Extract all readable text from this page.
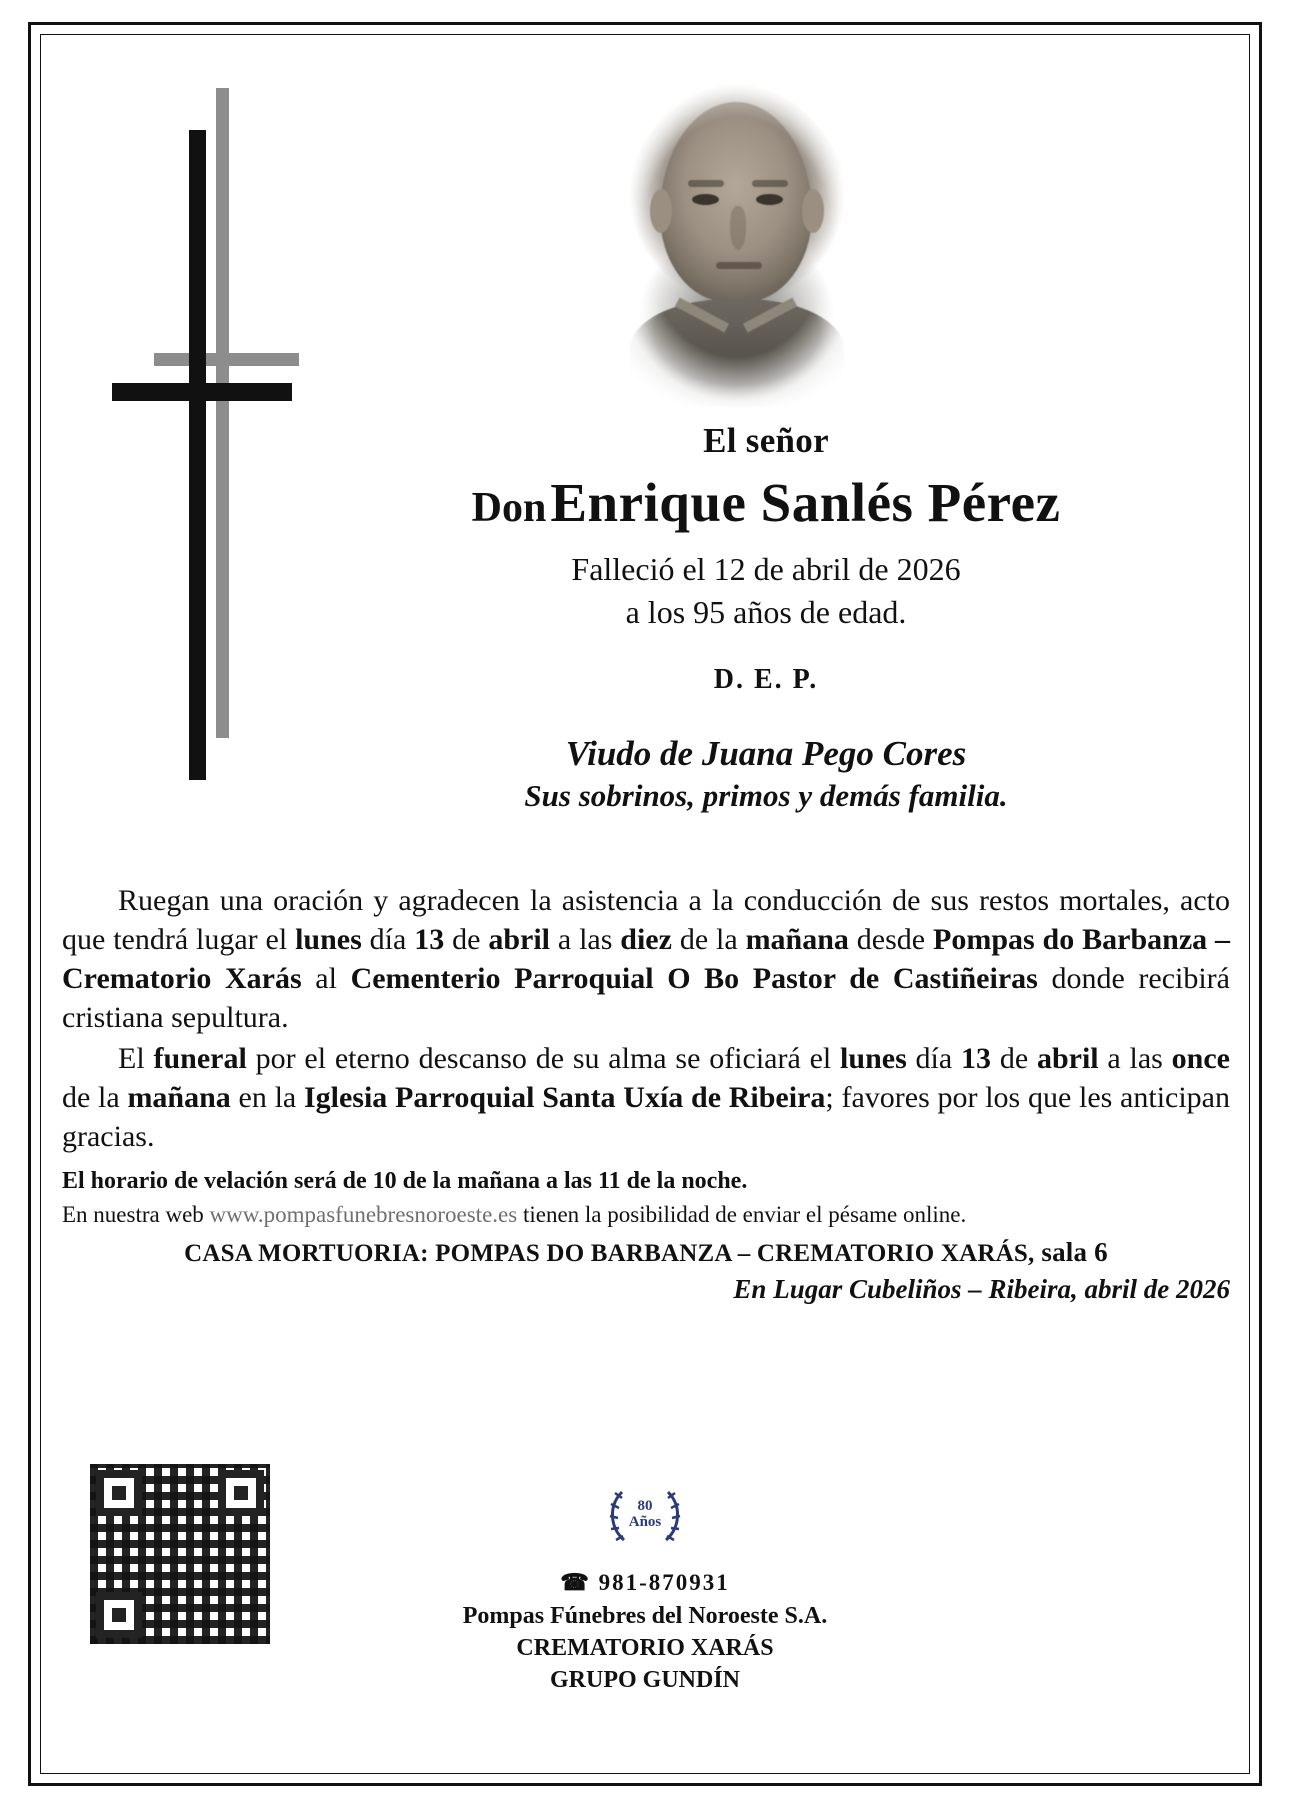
El señor
Don Enrique Sanlés Pérez
Falleció el 12 de abril de 2026
a los 95 años de edad.
D. E. P.
Viudo de Juana Pego Cores
Sus sobrinos, primos y demás familia.

Ruegan una oración y agradecen la asistencia a la conducción de sus restos mortales, acto que tendrá lugar el lunes día 13 de abril a las diez de la mañana desde Pompas do Barbanza – Crematorio Xarás al Cementerio Parroquial O Bo Pastor de Castiñeiras donde recibirá cristiana sepultura.

El funeral por el eterno descanso de su alma se oficiará el lunes día 13 de abril a las once de la mañana en la Iglesia Parroquial Santa Uxía de Ribeira; favores por los que les anticipan gracias.

El horario de velación será de 10 de la mañana a las 11 de la noche.
En nuestra web www.pompasfunebresnoroeste.es tienen la posibilidad de enviar el pésame online.
CASA MORTUORIA: POMPAS DO BARBANZA – CREMATORIO XARÁS, sala 6
En Lugar Cubeliños – Ribeira, abril de 2026
80
Años
☎ 981-870931
Pompas Fúnebres del Noroeste S.A.
CREMATORIO XARÁS
GRUPO GUNDÍN
